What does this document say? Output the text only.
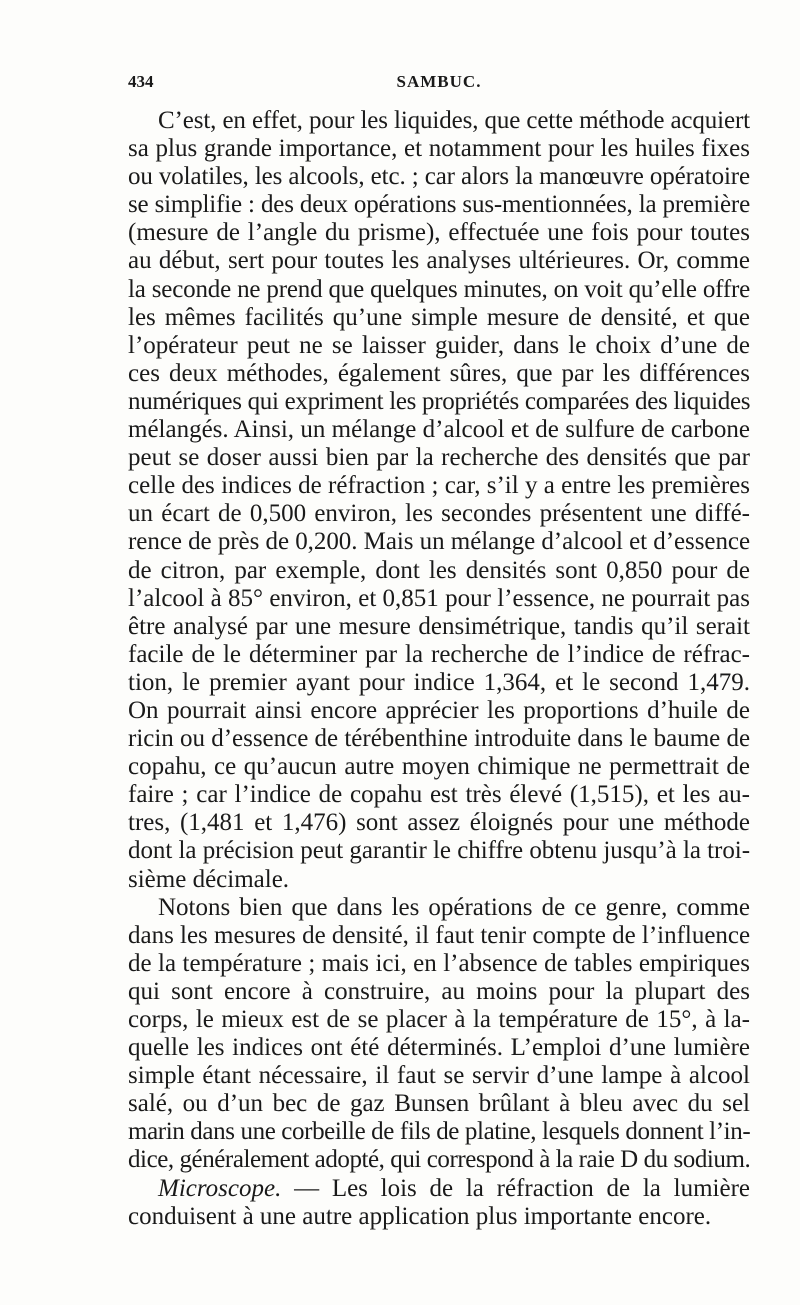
434	SAMBUC.

C’est, en effet, pour les liquides, que cette méthode acquiert
sa plus grande importance, et notamment pour les huiles fixes
ou volatiles, les alcools, etc. ; car alors la manœuvre opératoire
se simplifie : des deux opérations sus-mentionnées, la première
(mesure de l’angle du prisme), effectuée une fois pour toutes
au début, sert pour toutes les analyses ultérieures. Or, comme
la seconde ne prend que quelques minutes, on voit qu’elle offre
les mêmes facilités qu’une simple mesure de densité, et que
l’opérateur peut ne se laisser guider, dans le choix d’une de
ces deux méthodes, également sûres, que par les différences
numériques qui expriment les propriétés comparées des liquides
mélangés. Ainsi, un mélange d’alcool et de sulfure de carbone
peut se doser aussi bien par la recherche des densités que par
celle des indices de réfraction ; car, s’il y a entre les premières
un écart de 0,500 environ, les secondes présentent une diffé-
rence de près de 0,200. Mais un mélange d’alcool et d’essence
de citron, par exemple, dont les densités sont 0,850 pour de
l’alcool à 85° environ, et 0,851 pour l’essence, ne pourrait pas
être analysé par une mesure densimétrique, tandis qu’il serait
facile de le déterminer par la recherche de l’indice de réfrac-
tion, le premier ayant pour indice 1,364, et le second 1,479.
On pourrait ainsi encore apprécier les proportions d’huile de
ricin ou d’essence de térébenthine introduite dans le baume de
copahu, ce qu’aucun autre moyen chimique ne permettrait de
faire ; car l’indice de copahu est très élevé (1,515), et les au-
tres, (1,481 et 1,476) sont assez éloignés pour une méthode
dont la précision peut garantir le chiffre obtenu jusqu’à la troi-
sième décimale.

Notons bien que dans les opérations de ce genre, comme
dans les mesures de densité, il faut tenir compte de l’influence
de la température ; mais ici, en l’absence de tables empiriques
qui sont encore à construire, au moins pour la plupart des
corps, le mieux est de se placer à la température de 15°, à la-
quelle les indices ont été déterminés. L’emploi d’une lumière
simple étant nécessaire, il faut se servir d’une lampe à alcool
salé, ou d’un bec de gaz Bunsen brûlant à bleu avec du sel
marin dans une corbeille de fils de platine, lesquels donnent l’in-
dice, généralement adopté, qui correspond à la raie D du sodium.

Microscope. — Les lois de la réfraction de la lumière
conduisent à une autre application plus importante encore.
